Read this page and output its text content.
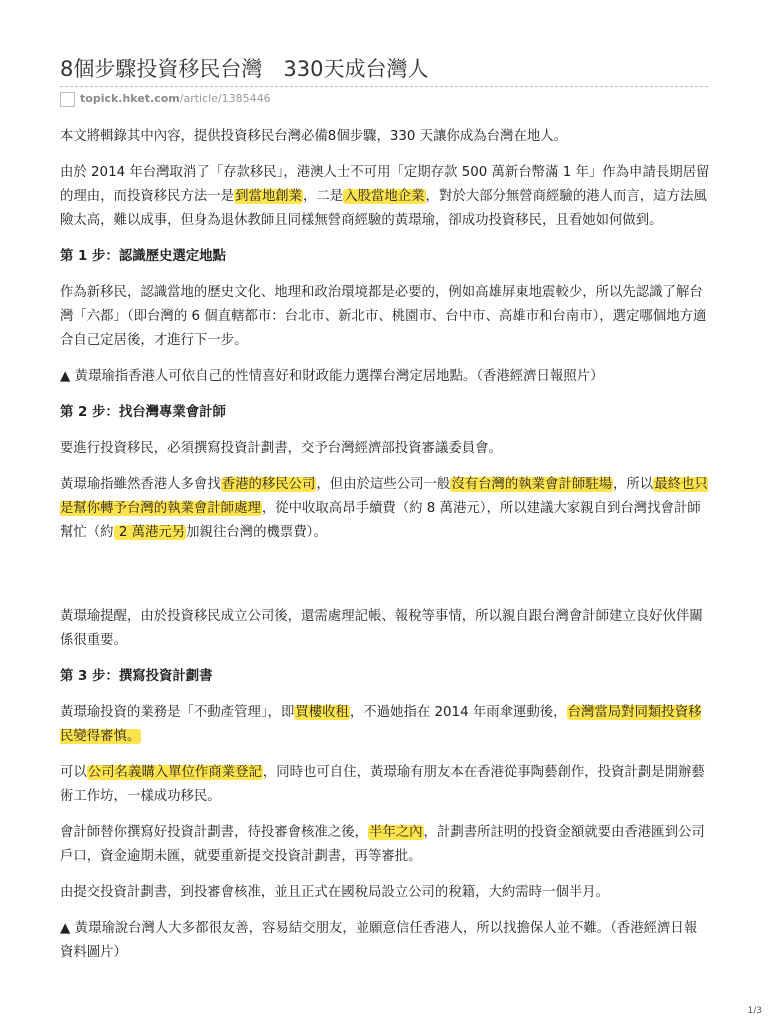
8個步驟投資移民台灣　330天成台灣人
topick.hket.com/article/1385446

本文將輯錄其中內容，提供投資移民台灣必備8個步驟，330 天讓你成為台灣在地人。

由於 2014 年台灣取消了「存款移民」，港澳人士不可用「定期存款 500 萬新台幣滿 1 年」作為申請長期居留的理由，而投資移民方法一是到當地創業，二是入股當地企業，對於大部分無營商經驗的港人而言，這方法風險太高，難以成事，但身為退休教師且同樣無營商經驗的黃璟瑜，卻成功投資移民，且看她如何做到。

第 1 步：認識歷史選定地點

作為新移民，認識當地的歷史文化、地理和政治環境都是必要的，例如高雄屏東地震較少，所以先認識了解台灣「六都」（即台灣的 6 個直轄都市：台北市、新北市、桃園市、台中市、高雄市和台南市），選定哪個地方適合自己定居後，才進行下一步。

▲ 黃璟瑜指香港人可依自己的性情喜好和財政能力選擇台灣定居地點。（香港經濟日報照片）

第 2 步：找台灣專業會計師

要進行投資移民，必須撰寫投資計劃書，交予台灣經濟部投資審議委員會。

黃璟瑜指雖然香港人多會找香港的移民公司，但由於這些公司一般沒有台灣的執業會計師駐場，所以最終也只是幫你轉予台灣的執業會計師處理，從中收取高昂手續費（約 8 萬港元），所以建議大家親自到台灣找會計師幫忙（約 2 萬港元另加親往台灣的機票費）。

黃璟瑜提醒，由於投資移民成立公司後，還需處理記帳、報稅等事情，所以親自跟台灣會計師建立良好伙伴關係很重要。

第 3 步：撰寫投資計劃書

黃璟瑜投資的業務是「不動產管理」，即買樓收租，不過她指在 2014 年雨傘運動後，台灣當局對同類投資移民變得審慎。

可以公司名義購入單位作商業登記，同時也可自住，黃璟瑜有朋友本在香港從事陶藝創作，投資計劃是開辦藝術工作坊，一樣成功移民。

會計師替你撰寫好投資計劃書，待投審會核准之後，半年之內，計劃書所註明的投資金額就要由香港匯到公司戶口，資金逾期未匯，就要重新提交投資計劃書，再等審批。

由提交投資計劃書，到投審會核准，並且正式在國稅局設立公司的稅籍，大約需時一個半月。

▲ 黃璟瑜說台灣人大多都很友善，容易結交朋友，並願意信任香港人，所以找擔保人並不難。（香港經濟日報資料圖片）

1/3
